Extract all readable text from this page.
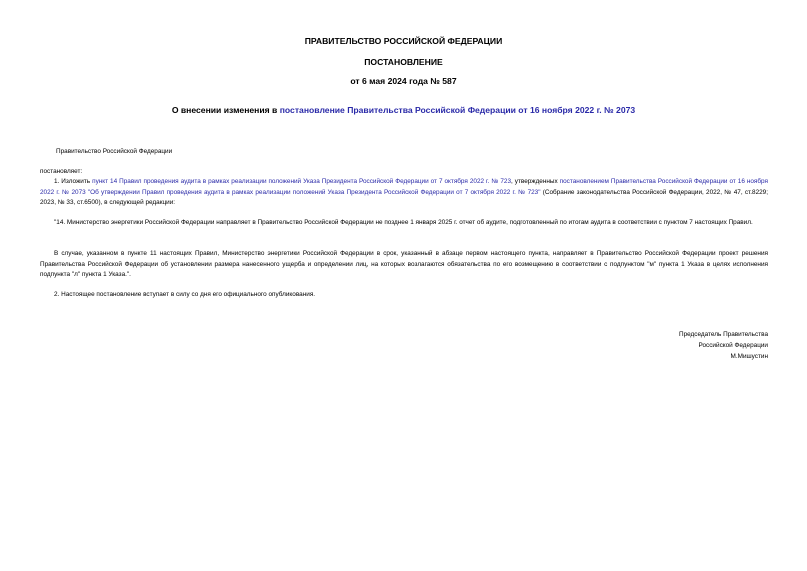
ПРАВИТЕЛЬСТВО РОССИЙСКОЙ ФЕДЕРАЦИИ
ПОСТАНОВЛЕНИЕ
от 6 мая 2024 года № 587
О внесении изменения в постановление Правительства Российской Федерации от 16 ноября 2022 г. № 2073
Правительство Российской Федерации
постановляет:
1. Изложить пункт 14 Правил проведения аудита в рамках реализации положений Указа Президента Российской Федерации от 7 октября 2022 г. № 723, утвержденных постановлением Правительства Российской Федерации от 16 ноября 2022 г. № 2073 "Об утверждении Правил проведения аудита в рамках реализации положений Указа Президента Российской Федерации от 7 октября 2022 г. № 723" (Собрание законодательства Российской Федерации, 2022, № 47, ст.8229; 2023, № 33, ст.6500), в следующей редакции:
"14. Министерство энергетики Российской Федерации направляет в Правительство Российской Федерации не позднее 1 января 2025 г. отчет об аудите, подготовленный по итогам аудита в соответствии с пунктом 7 настоящих Правил.
В случае, указанном в пункте 11 настоящих Правил, Министерство энергетики Российской Федерации в срок, указанный в абзаце первом настоящего пункта, направляет в Правительство Российской Федерации проект решения Правительства Российской Федерации об установлении размера нанесенного ущерба и определении лиц, на которых возлагаются обязательства по его возмещению в соответствии с подпунктом "м" пункта 1 Указа в целях исполнения подпункта "л" пункта 1 Указа.".
2. Настоящее постановление вступает в силу со дня его официального опубликования.
Председатель Правительства
Российской Федерации
М.Мишустин
